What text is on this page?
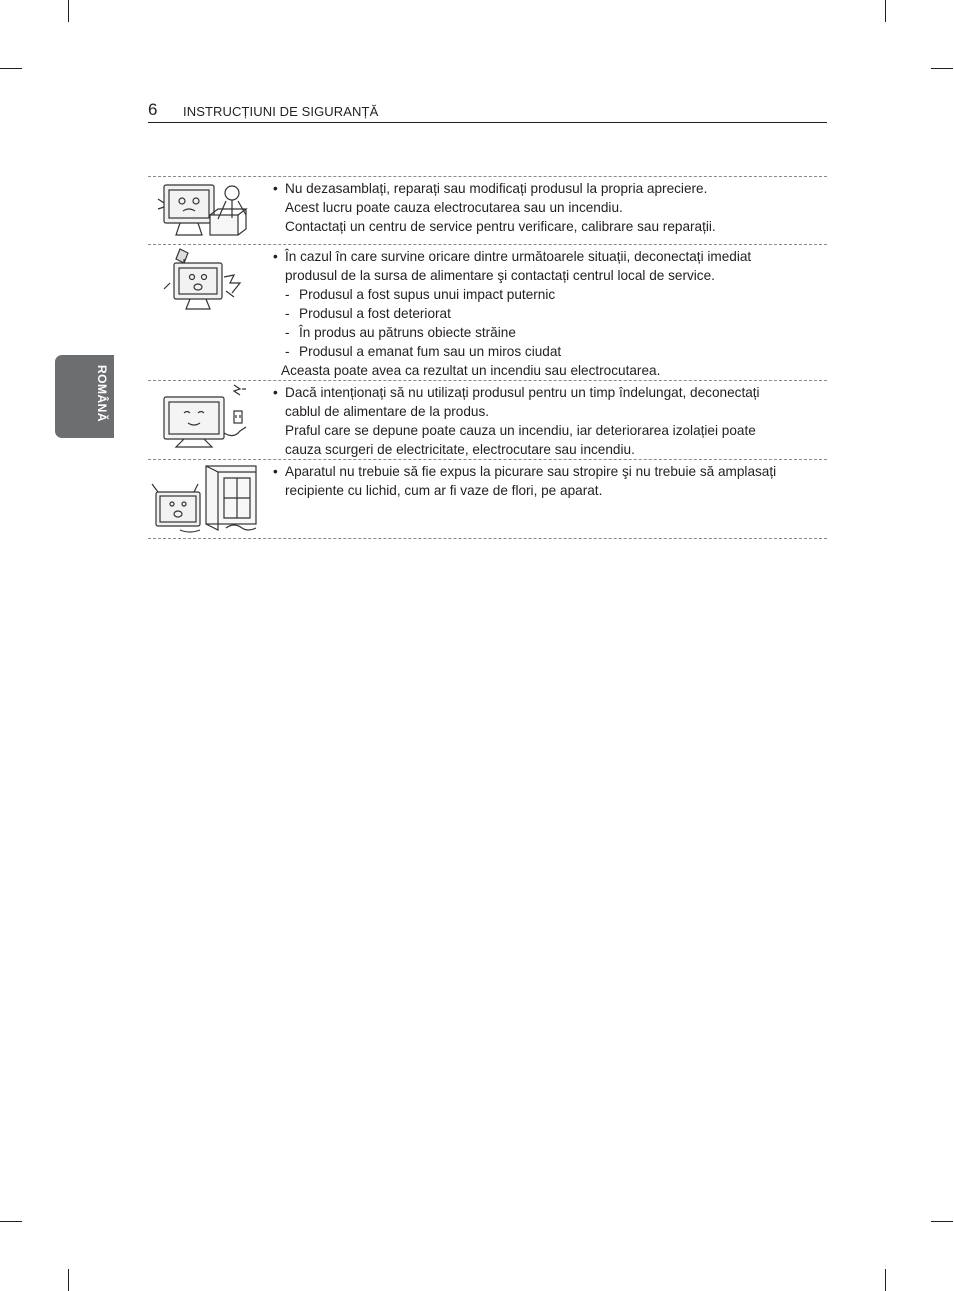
6 INSTRUCȚIUNI DE SIGURANȚĂ
ROMÂNĂ
• Nu dezasamblați, reparați sau modificați produsul la propria apreciere.
Acest lucru poate cauza electrocutarea sau un incendiu.
Contactați un centru de service pentru verificare, calibrare sau reparații.
• În cazul în care survine oricare dintre următoarele situații, deconectați imediat
produsul de la sursa de alimentare şi contactați centrul local de service.
- Produsul a fost supus unui impact puternic
- Produsul a fost deteriorat
- În produs au pătruns obiecte străine
- Produsul a emanat fum sau un miros ciudat
Aceasta poate avea ca rezultat un incendiu sau electrocutarea.
• Dacă intenționați să nu utilizați produsul pentru un timp îndelungat, deconectați
cablul de alimentare de la produs.
Praful care se depune poate cauza un incendiu, iar deteriorarea izolației poate
cauza scurgeri de electricitate, electrocutare sau incendiu.
• Aparatul nu trebuie să fie expus la picurare sau stropire şi nu trebuie să amplasați
recipiente cu lichid, cum ar fi vaze de flori, pe aparat.
